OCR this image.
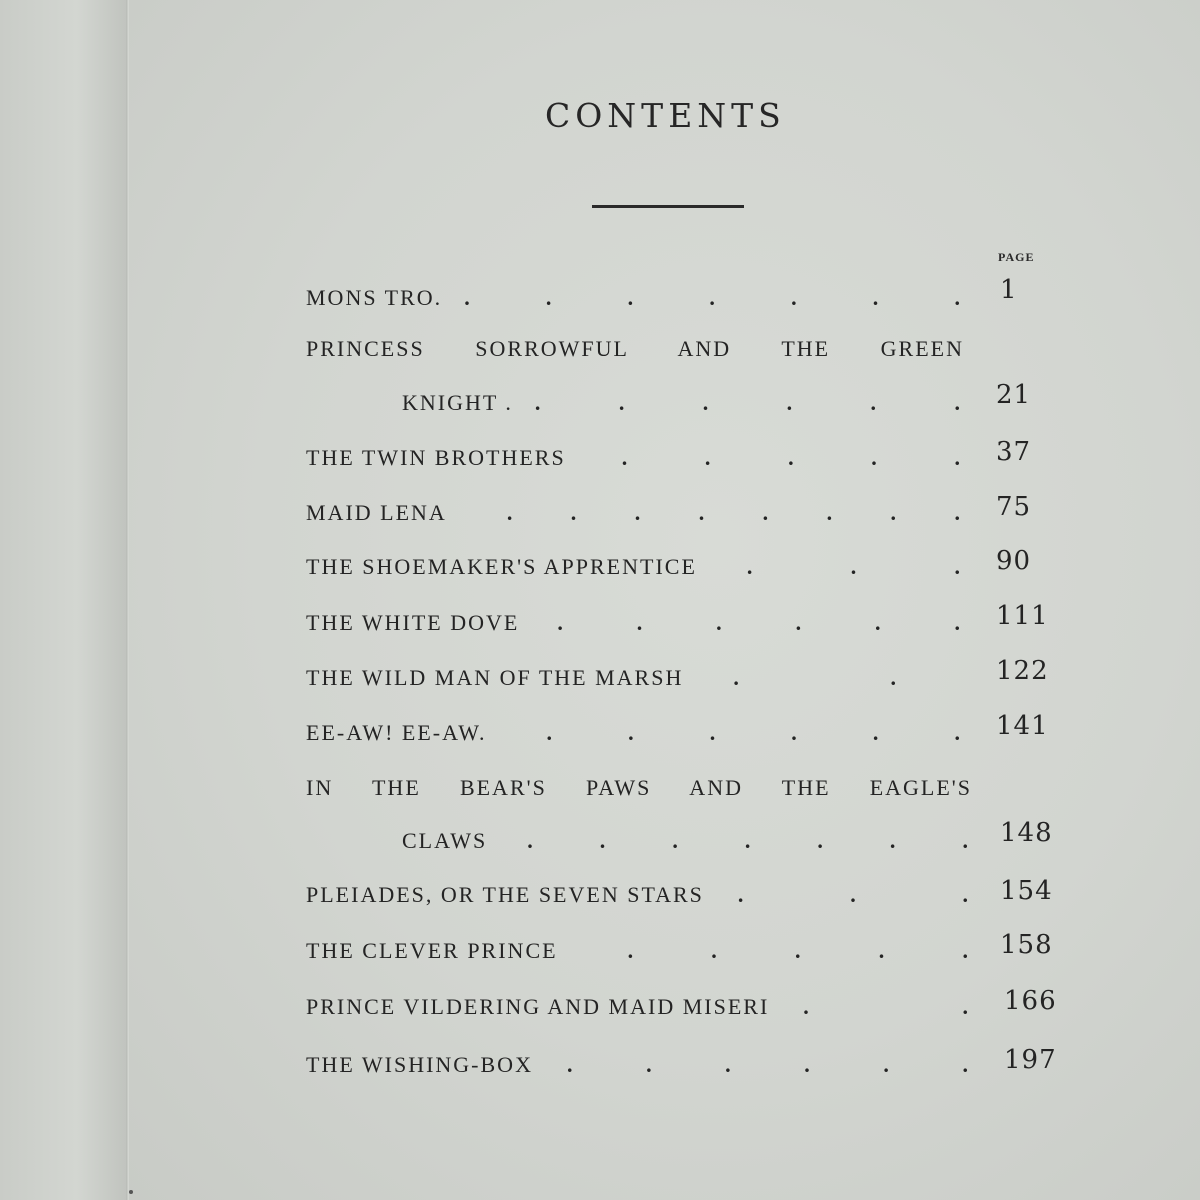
CONTENTS
PAGE
MONS TRO. .	.	.	.	.	.	. 1
PRINCESS SORROWFUL AND THE GREEN
KNIGHT . .	.	.	.	.	. 21
THE TWIN BROTHERS	.	.	.	.	. 37
MAID LENA	.	.	.	.	.	.	.	. 75
THE SHOEMAKER'S APPRENTICE .	.	. 90
THE WHITE DOVE .	.	.	.	.	. 111
THE WILD MAN OF THE MARSH .	.	122
EE-AW! EE-AW.	.	.	.	.	.	. 141
IN THE BEAR'S PAWS AND THE EAGLE'S
CLAWS .	.	.	.	.	.	. 148
PLEIADES, OR THE SEVEN STARS .	.	. 154
THE CLEVER PRINCE	.	.	.	.	. 158
PRINCE VILDERING AND MAID MISERI .	. 166
THE WISHING-BOX .	.	.	.	.	. 197
